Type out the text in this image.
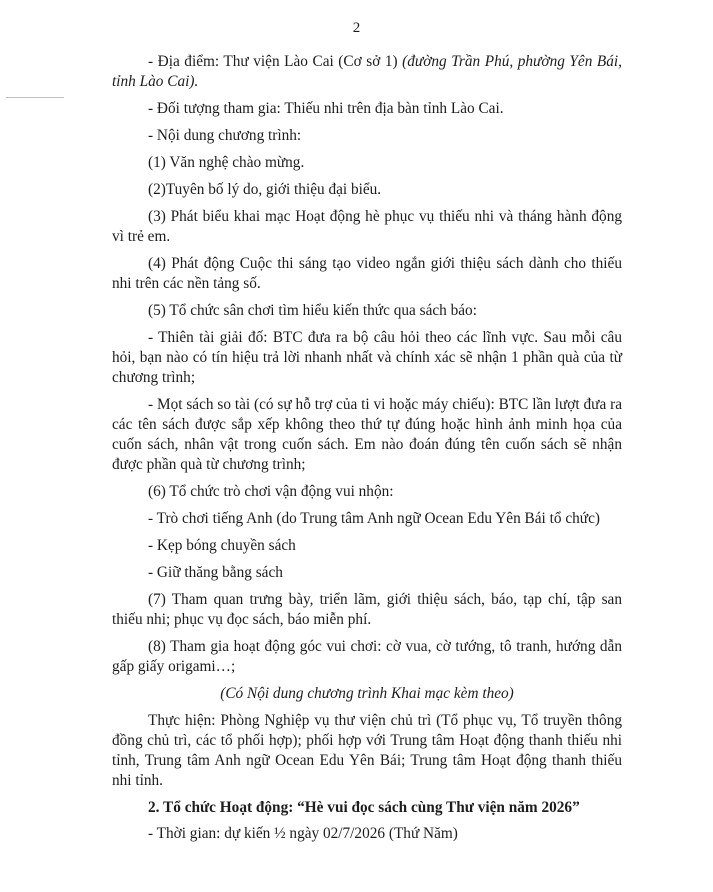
2

- Địa điểm: Thư viện Lào Cai (Cơ sở 1) (đường Trần Phú, phường Yên Bái, tỉnh Lào Cai).

- Đối tượng tham gia: Thiếu nhi trên địa bàn tỉnh Lào Cai.

- Nội dung chương trình:

(1) Văn nghệ chào mừng.

(2)Tuyên bố lý do, giới thiệu đại biểu.

(3) Phát biểu khai mạc Hoạt động hè phục vụ thiếu nhi và tháng hành động vì trẻ em.

(4) Phát động Cuộc thi sáng tạo video ngắn giới thiệu sách dành cho thiếu nhi trên các nền tảng số.

(5) Tổ chức sân chơi tìm hiểu kiến thức qua sách báo:

- Thiên tài giải đố: BTC đưa ra bộ câu hỏi theo các lĩnh vực. Sau mỗi câu hỏi, bạn nào có tín hiệu trả lời nhanh nhất và chính xác sẽ nhận 1 phần quà của từ chương trình;

- Mọt sách so tài (có sự hỗ trợ của ti vi hoặc máy chiếu): BTC lần lượt đưa ra các tên sách được sắp xếp không theo thứ tự đúng hoặc hình ảnh minh họa của cuốn sách, nhân vật trong cuốn sách. Em nào đoán đúng tên cuốn sách sẽ nhận được phần quà từ chương trình;

(6) Tổ chức trò chơi vận động vui nhộn:

- Trò chơi tiếng Anh (do Trung tâm Anh ngữ Ocean Edu Yên Bái tổ chức)

- Kẹp bóng chuyền sách

- Giữ thăng bằng sách

(7) Tham quan trưng bày, triển lãm, giới thiệu sách, báo, tạp chí, tập san thiếu nhi; phục vụ đọc sách, báo miễn phí.

(8) Tham gia hoạt động góc vui chơi: cờ vua, cờ tướng, tô tranh, hướng dẫn gấp giấy origami…;

(Có Nội dung chương trình Khai mạc kèm theo)

Thực hiện: Phòng Nghiệp vụ thư viện chủ trì (Tổ phục vụ, Tổ truyền thông đồng chủ trì, các tổ phối hợp); phối hợp với Trung tâm Hoạt động thanh thiếu nhi tỉnh, Trung tâm Anh ngữ Ocean Edu Yên Bái; Trung tâm Hoạt động thanh thiếu nhi tỉnh.

2. Tổ chức Hoạt động: “Hè vui đọc sách cùng Thư viện năm 2026”

- Thời gian: dự kiến ½ ngày 02/7/2026 (Thứ Năm)
